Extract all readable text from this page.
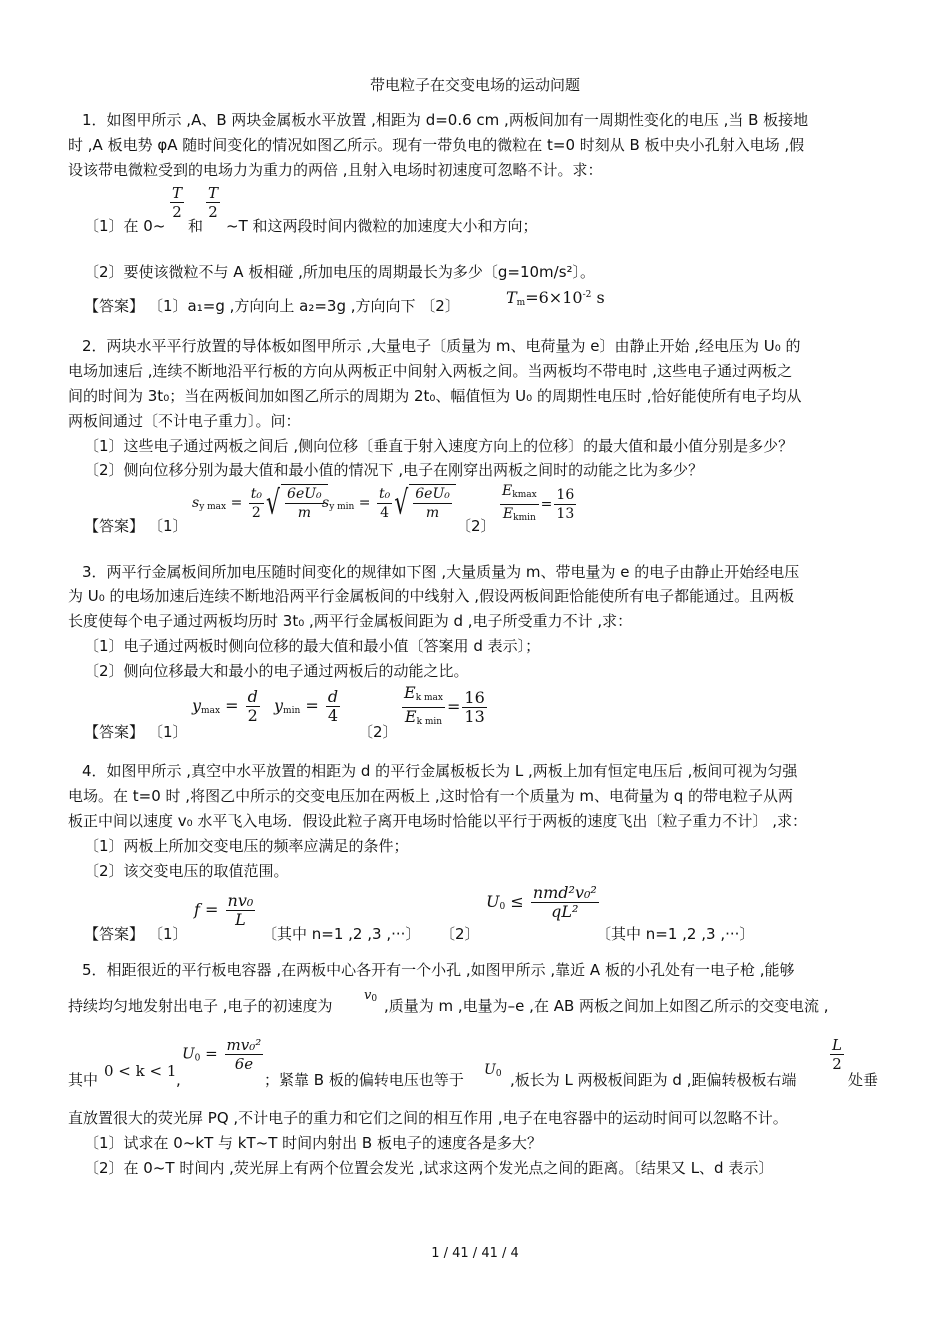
带电粒子在交变电场的运动问题
1．如图甲所示 ,A、B 两块金属板水平放置 ,相距为 d=0.6 cm ,两板间加有一周期性变化的电压 ,当 B 板接地
时 ,A 板电势 φA 随时间变化的情况如图乙所示。现有一带负电的微粒在 t=0 时刻从 B 板中央小孔射入电场 ,假
设该带电微粒受到的电场力为重力的两倍 ,且射入电场时初速度可忽略不计。求：
〔1〕在 0~
$\frac{T}{2}$
和
$\frac{T}{2}$
~T 和这两段时间内微粒的加速度大小和方向；
〔2〕要使该微粒不与 A 板相碰 ,所加电压的周期最长为多少〔g=10m/s²〕。
【答案】 〔1〕a₁=g ,方向向上 a₂=3g ,方向向下 〔2〕	$T_m=6\times 10^{-2}$ s
2．两块水平平行放置的导体板如图甲所示 ,大量电子〔质量为 m、电荷量为 e〕由静止开始 ,经电压为 U₀ 的
电场加速后 ,连续不断地沿平行板的方向从两板正中间射入两板之间。当两板均不带电时 ,这些电子通过两板之
间的时间为 3t₀；当在两板间加如图乙所示的周期为 2t₀、幅值恒为 U₀ 的周期性电压时 ,恰好能使所有电子均从
两板间通过〔不计电子重力〕。问：
〔1〕这些电子通过两板之间后 ,侧向位移〔垂直于射入速度方向上的位移〕的最大值和最小值分别是多少？
〔2〕侧向位移分别为最大值和最小值的情况下 ,电子在刚穿出两板之间时的动能之比为多少？
【答案】 〔1〕
$s_{y max} = \frac{\text{t₀}}{2}$ √ $\frac{\text{6eU₀}}{m}$
$s_{y min} = \frac{\text{t₀}}{4}$ √ $\frac{\text{6eU₀}}{m}$
〔2〕 $\frac{E_{kmax}}{E_{kmin}} = \frac{16}{13}$
3．两平行金属板间所加电压随时间变化的规律如下图 ,大量质量为 m、带电量为 e 的电子由静止开始经电压
为 U₀ 的电场加速后连续不断地沿两平行金属板间的中线射入 ,假设两板间距恰能使所有电子都能通过。且两板
长度使每个电子通过两板均历时 3t₀ ,两平行金属板间距为 d ,电子所受重力不计 ,求：
〔1〕电子通过两板时侧向位移的最大值和最小值〔答案用 d 表示〕；
〔2〕侧向位移最大和最小的电子通过两板后的动能之比。
【答案】 〔1〕
$y_{max} = \frac{d}{2} y_{min} = \frac{d}{4}$
〔2〕
$\frac{E_{k max}}{E_{k min}} = \frac{16}{13}$
4．如图甲所示 ,真空中水平放置的相距为 d 的平行金属板板长为 L ,两板上加有恒定电压后 ,板间可视为匀强
电场。在 t=0 时 ,将图乙中所示的交变电压加在两板上 ,这时恰有一个质量为 m、电荷量为 q 的带电粒子从两
板正中间以速度 v₀ 水平飞入电场．假设此粒子离开电场时恰能以平行于两板的速度飞出〔粒子重力不计〕 ,求：
〔1〕两板上所加交变电压的频率应满足的条件；
〔2〕该交变电压的取值范围。
【答案】 〔1〕
$f = \frac{\text{nv₀}}{L}$
〔其中 n=1 ,2 ,3 ,···〕 〔2〕
$U_0 \le \frac{\text{nmd²v₀²}}{\text{qL²}}$
〔其中 n=1 ,2 ,3 ,···〕
5．相距很近的平行板电容器 ,在两板中心各开有一个小孔 ,如图甲所示 ,靠近 A 板的小孔处有一电子枪 ,能够
持续均匀地发射出电子 ,电子的初速度为
$v_0$ ,质量为 m ,电量为–e ,在 AB 两板之间加上如图乙所示的交变电流 ,
其中 0 < k < 1 ,
$U_0 = \frac{\text{mv₀²}}{6e}$
；紧靠 B 板的偏转电压也等于
$U_0$ ,板长为 L 两极板间距为 d ,距偏转极板右端
$\frac{L}{2}$
处垂
直放置很大的荧光屏 PQ ,不计电子的重力和它们之间的相互作用 ,电子在电容器中的运动时间可以忽略不计。
〔1〕试求在 0~kT 与 kT~T 时间内射出 B 板电子的速度各是多大？
〔2〕在 0~T 时间内 ,荧光屏上有两个位置会发光 ,试求这两个发光点之间的距离。〔结果又 L、d 表示〕
1 / 41 / 41 / 4
